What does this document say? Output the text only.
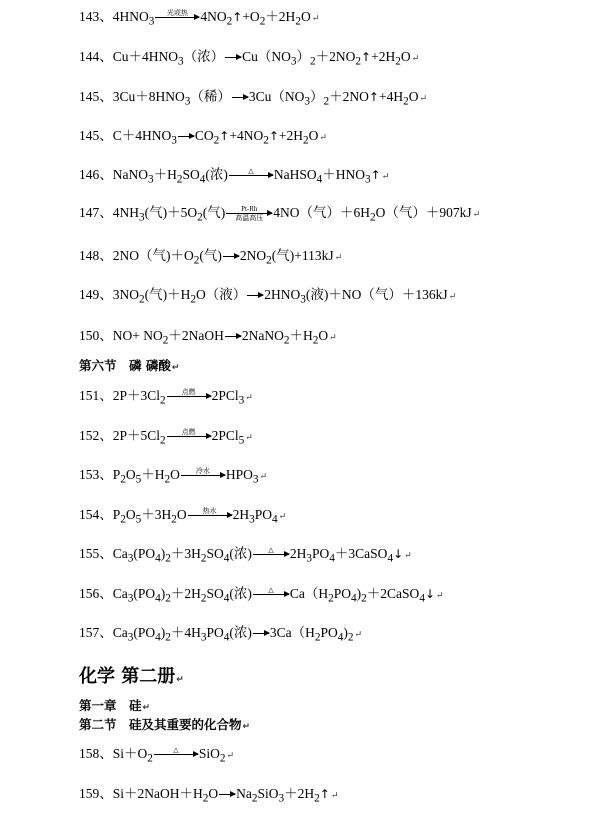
143、$4HNO_3$
光或热 $4NO_2↑+O_2+2H_2O↵$
144、$Cu+4HNO_3$（浓）$\to Cu(NO_3)_2+2NO_2↑+2H_2O↵$
145、$3Cu+8HNO_3$（稀）$\to 3Cu(NO_3)_2+2NO↑+4H_2O↵$
145、$C+4HNO_3\to CO_2↑+4NO_2↑+2H_2O↵$
146、$NaNO_3+H_2SO_4$(浓)	△	$NaHSO_4+HNO_3↑↵$
147、$4NH_3$(气)$+5O_2$(气)	Pt-Rh
高温高压 4NO（气）$+6H_2O$（气）＋907kJ↵
148、2NO（气)$+O_2$(气)$\to 2NO_2$(气)+113kJ↵
149、$3NO_2$(气)$+H_2O$（液）$\to 2HNO_3$(液)＋NO（气）＋136kJ↵
150、$NO+ NO_2+2NaOH\to 2NaNO_2+H_2O↵$
第六节　磷 磷酸↵
151、$2P+3Cl_2$
点燃	2PCl$_3$↵
152、$2P+5Cl_2$
点燃	2PCl$_5$↵
153、$P_2O_5+H_2O$	冷水	$HPO_3↵$
154、$P_2O_5+3H_2O$	热水	$2H_3PO_4↵$
155、$Ca_3(PO_4)_2+3H_2SO_4$(浓)	△	$2H_3PO_4+3CaSO_4↓↵$
156、$Ca_3(PO_4)_2+2H_2SO_4$(浓)	△	$Ca(H_2PO_4)_2+2CaSO_4↓↵$
157、$Ca_3(PO_4)_2+4H_3PO_4$(浓)$\to 3Ca(H_2PO_4)_2↵$
化学 第二册↵
第一章　硅↵
第二节　硅及其重要的化合物↵
158、$Si+O_2$
△	SiO$_2$↵
159、$Si+2NaOH+H_2O\to Na_2SiO_3+2H_2↑↵$
